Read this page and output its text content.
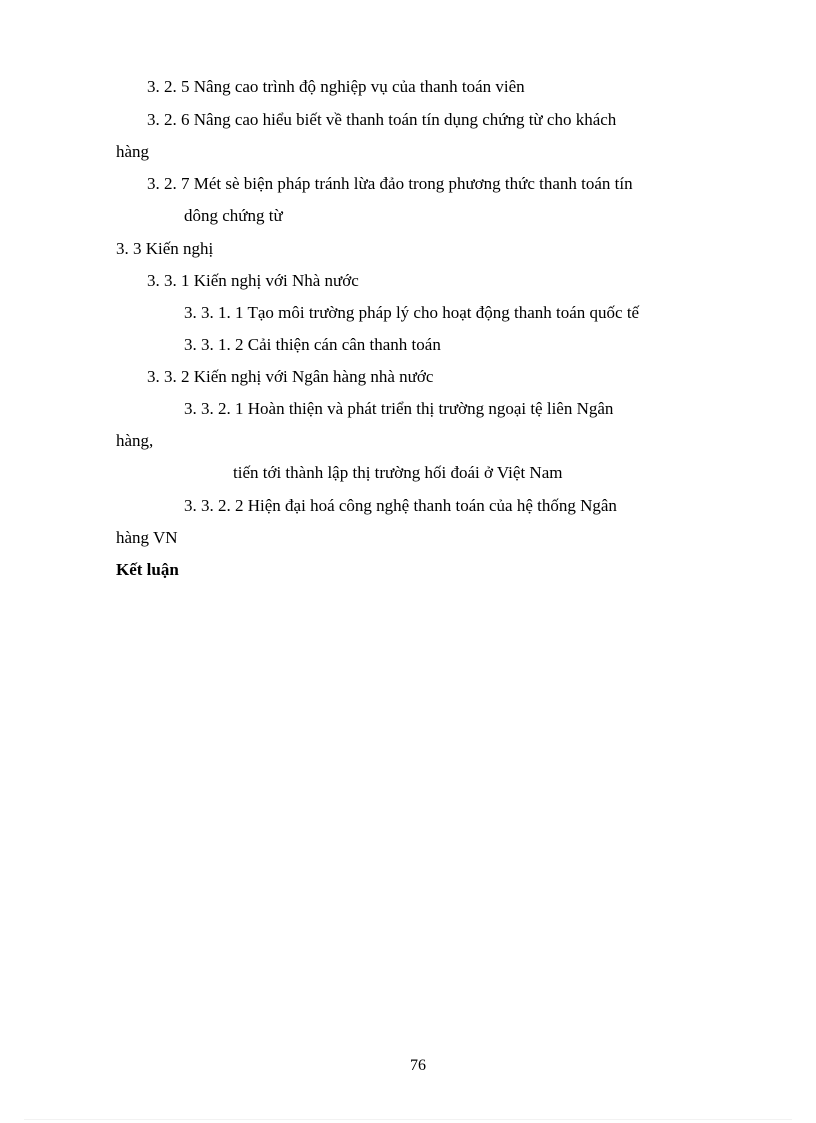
3. 2. 5 Nâng cao trình độ nghiệp vụ của thanh toán viên
3. 2. 6 Nâng cao hiểu biết về thanh toán tín dụng chứng từ cho khách
hàng
3. 2. 7 Mét sè biện pháp tránh lừa đảo trong phương thức thanh toán tín
dông chứng từ
3. 3 Kiến nghị
3. 3. 1 Kiến nghị với Nhà nước
3. 3. 1. 1 Tạo môi trường pháp lý cho hoạt động thanh toán quốc tế
3. 3. 1. 2 Cải thiện cán cân thanh toán
3. 3. 2 Kiến nghị với Ngân hàng nhà nước
3. 3. 2. 1 Hoàn thiện và phát triển thị trường ngoại tệ liên Ngân
hàng,
tiến tới thành lập thị trường hối đoái ở Việt Nam
3. 3. 2. 2 Hiện đại hoá công nghệ thanh toán của hệ thống Ngân
hàng VN
Kết luận
76
